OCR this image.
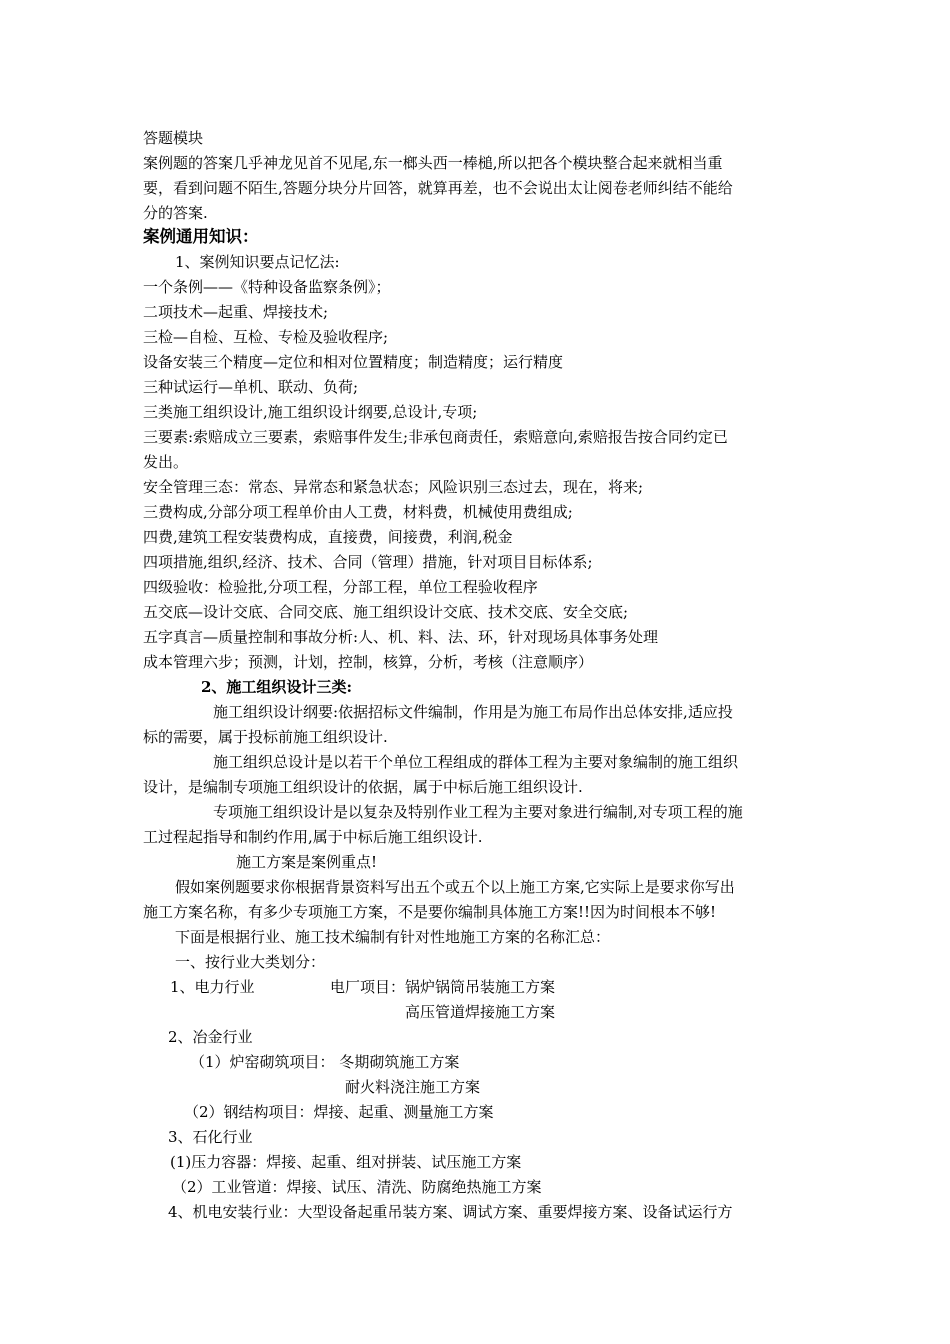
答题模块
案例题的答案几乎神龙见首不见尾,东一榔头西一棒槌,所以把各个模块整合起来就相当重
要，看到问题不陌生,答题分块分片回答，就算再差，也不会说出太让阅卷老师纠结不能给
分的答案.
案例通用知识：
1、案例知识要点记忆法:
一个条例——《特种设备监察条例》；
二项技术—起重、焊接技术;
三检—自检、互检、专检及验收程序;
设备安装三个精度—定位和相对位置精度；制造精度；运行精度
三种试运行—单机、联动、负荷;
三类施工组织设计,施工组织设计纲要,总设计,专项;
三要素:索赔成立三要素，索赔事件发生;非承包商责任，索赔意向,索赔报告按合同约定已
发出。
安全管理三态：常态、异常态和紧急状态；风险识别三态过去，现在，将来;
三费构成,分部分项工程单价由人工费，材料费，机械使用费组成;
四费,建筑工程安装费构成，直接费，间接费，利润,税金
四项措施,组织,经济、技术、合同（管理）措施，针对项目目标体系;
四级验收：检验批,分项工程，分部工程，单位工程验收程序
五交底—设计交底、合同交底、施工组织设计交底、技术交底、安全交底;
五字真言—质量控制和事故分析:人、机、料、法、环，针对现场具体事务处理
成本管理六步；预测，计划，控制，核算，分析，考核（注意顺序）
2、施工组织设计三类:
施工组织设计纲要:依据招标文件编制，作用是为施工布局作出总体安排,适应投
标的需要，属于投标前施工组织设计.
施工组织总设计是以若干个单位工程组成的群体工程为主要对象编制的施工组织
设计，是编制专项施工组织设计的依据，属于中标后施工组织设计.
专项施工组织设计是以复杂及特别作业工程为主要对象进行编制,对专项工程的施
工过程起指导和制约作用,属于中标后施工组织设计.
施工方案是案例重点!
假如案例题要求你根据背景资料写出五个或五个以上施工方案,它实际上是要求你写出
施工方案名称，有多少专项施工方案，不是要你编制具体施工方案!!因为时间根本不够!
下面是根据行业、施工技术编制有针对性地施工方案的名称汇总：
一、按行业大类划分：
1、电力行业	电厂项目：锅炉锅筒吊装施工方案
高压管道焊接施工方案
2、冶金行业
（1）炉窑砌筑项目： 冬期砌筑施工方案
耐火料浇注施工方案
（2）钢结构项目：焊接、起重、测量施工方案
3、石化行业
(1)压力容器：焊接、起重、组对拼装、试压施工方案
（2）工业管道：焊接、试压、清洗、防腐绝热施工方案
4、机电安装行业：大型设备起重吊装方案、调试方案、重要焊接方案、设备试运行方
